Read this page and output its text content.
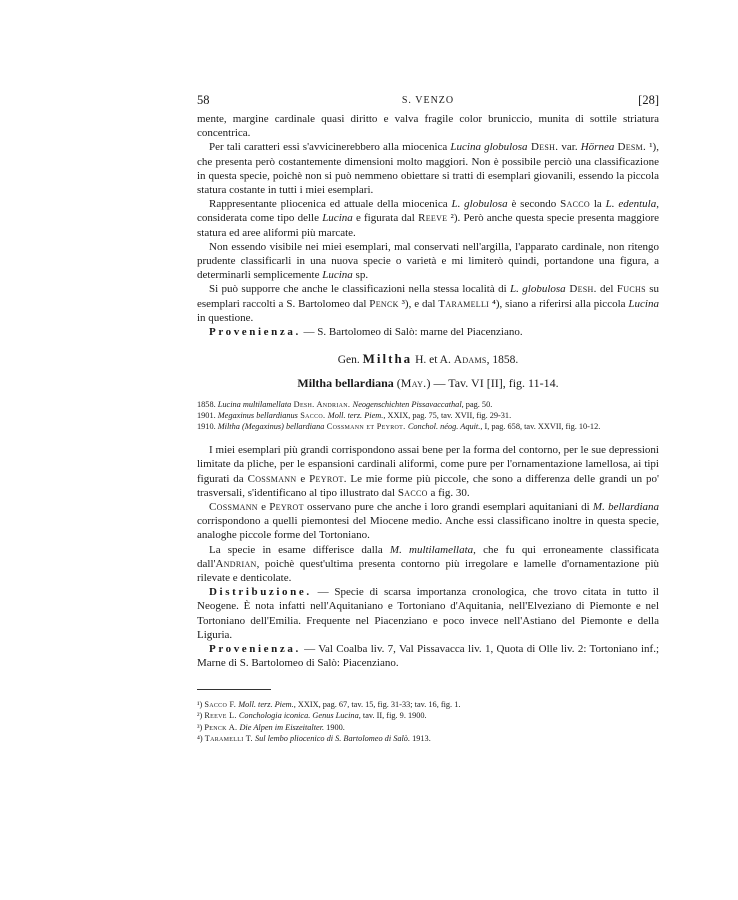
58	S. VENZO	[28]

mente, margine cardinale quasi diritto e valva fragile color bruniccio, munita di sottile striatura concentrica.

Per tali caratteri essi s'avvicinerebbero alla miocenica Lucina globulosa Desh. var. Hörnea Desm. ¹), che presenta però costantemente dimensioni molto maggiori. Non è possibile perciò una classificazione in questa specie, poichè non si può nemmeno obiettare si tratti di esemplari giovanili, essendo la piccola statura costante in tutti i miei esemplari.

Rappresentante pliocenica ed attuale della miocenica L. globulosa è secondo Sacco la L. edentula, considerata come tipo delle Lucina e figurata dal Reeve ²). Però anche questa specie presenta maggiore statura ed aree aliformi più marcate.

Non essendo visibile nei miei esemplari, mal conservati nell'argilla, l'apparato cardinale, non ritengo prudente classificarli in una nuova specie o varietà e mi limiterò quindi, portandone una figura, a determinarli semplicemente Lucina sp.

Si può supporre che anche le classificazioni nella stessa località di L. globulosa Desh. del Fuchs su esemplari raccolti a S. Bartolomeo dal Penck ³), e dal Taramelli ⁴), siano a riferirsi alla piccola Lucina in questione.

Provenienza. — S. Bartolomeo di Salò: marne del Piacenziano.

Gen. Miltha H. et A. Adams, 1858.
Miltha bellardiana (May.) — Tav. VI [II], fig. 11-14.

1858. Lucina multilamellata Desh. Andrian. Neogenschichten Pissavaccathal, pag. 50.

1901. Megaxinus bellardianus Sacco. Moll. terz. Piem., XXIX, pag. 75, tav. XVII, fig. 29-31.

1910. Miltha (Megaxinus) bellardiana Cossmann et Peyrot. Conchol. néog. Aquit., I, pag. 658, tav. XXVII, fig. 10-12.

I miei esemplari più grandi corrispondono assai bene per la forma del contorno, per le sue depressioni limitate da pliche, per le espansioni cardinali aliformi, come pure per l'ornamentazione lamellosa, ai tipi figurati da Cossmann e Peyrot. Le mie forme più piccole, che sono a differenza delle grandi un po' trasversali, s'identificano al tipo illustrato dal Sacco a fig. 30.

Cossmann e Peyrot osservano pure che anche i loro grandi esemplari aquitaniani di M. bellardiana corrispondono a quelli piemontesi del Miocene medio. Anche essi classificano inoltre in questa specie, analoghe piccole forme del Tortoniano.

La specie in esame differisce dalla M. multilamellata, che fu qui erroneamente classificata dall'Andrian, poichè quest'ultima presenta contorno più irregolare e lamelle d'ornamentazione più rilevate e denticolate.

Distribuzione. — Specie di scarsa importanza cronologica, che trovo citata in tutto il Neogene. È nota infatti nell'Aquitaniano e Tortoniano d'Aquitania, nell'Elveziano di Piemonte e nel Tortoniano dell'Emilia. Frequente nel Piacenziano e poco invece nell'Astiano del Piemonte e della Liguria.

Provenienza. — Val Coalba liv. 7, Val Pissavacca liv. 1, Quota di Olle liv. 2: Tortoniano inf.; Marne di S. Bartolomeo di Salò: Piacenziano.

¹) Sacco F. Moll. terz. Piem., XXIX, pag. 67, tav. 15, fig. 31-33; tav. 16, fig. 1.

²) Reeve L. Conchologia iconica. Genus Lucina, tav. II, fig. 9. 1900.

³) Penck A. Die Alpen im Eiszeitalter. 1900.

⁴) Taramelli T. Sul lembo pliocenico di S. Bartolomeo di Salò. 1913.
